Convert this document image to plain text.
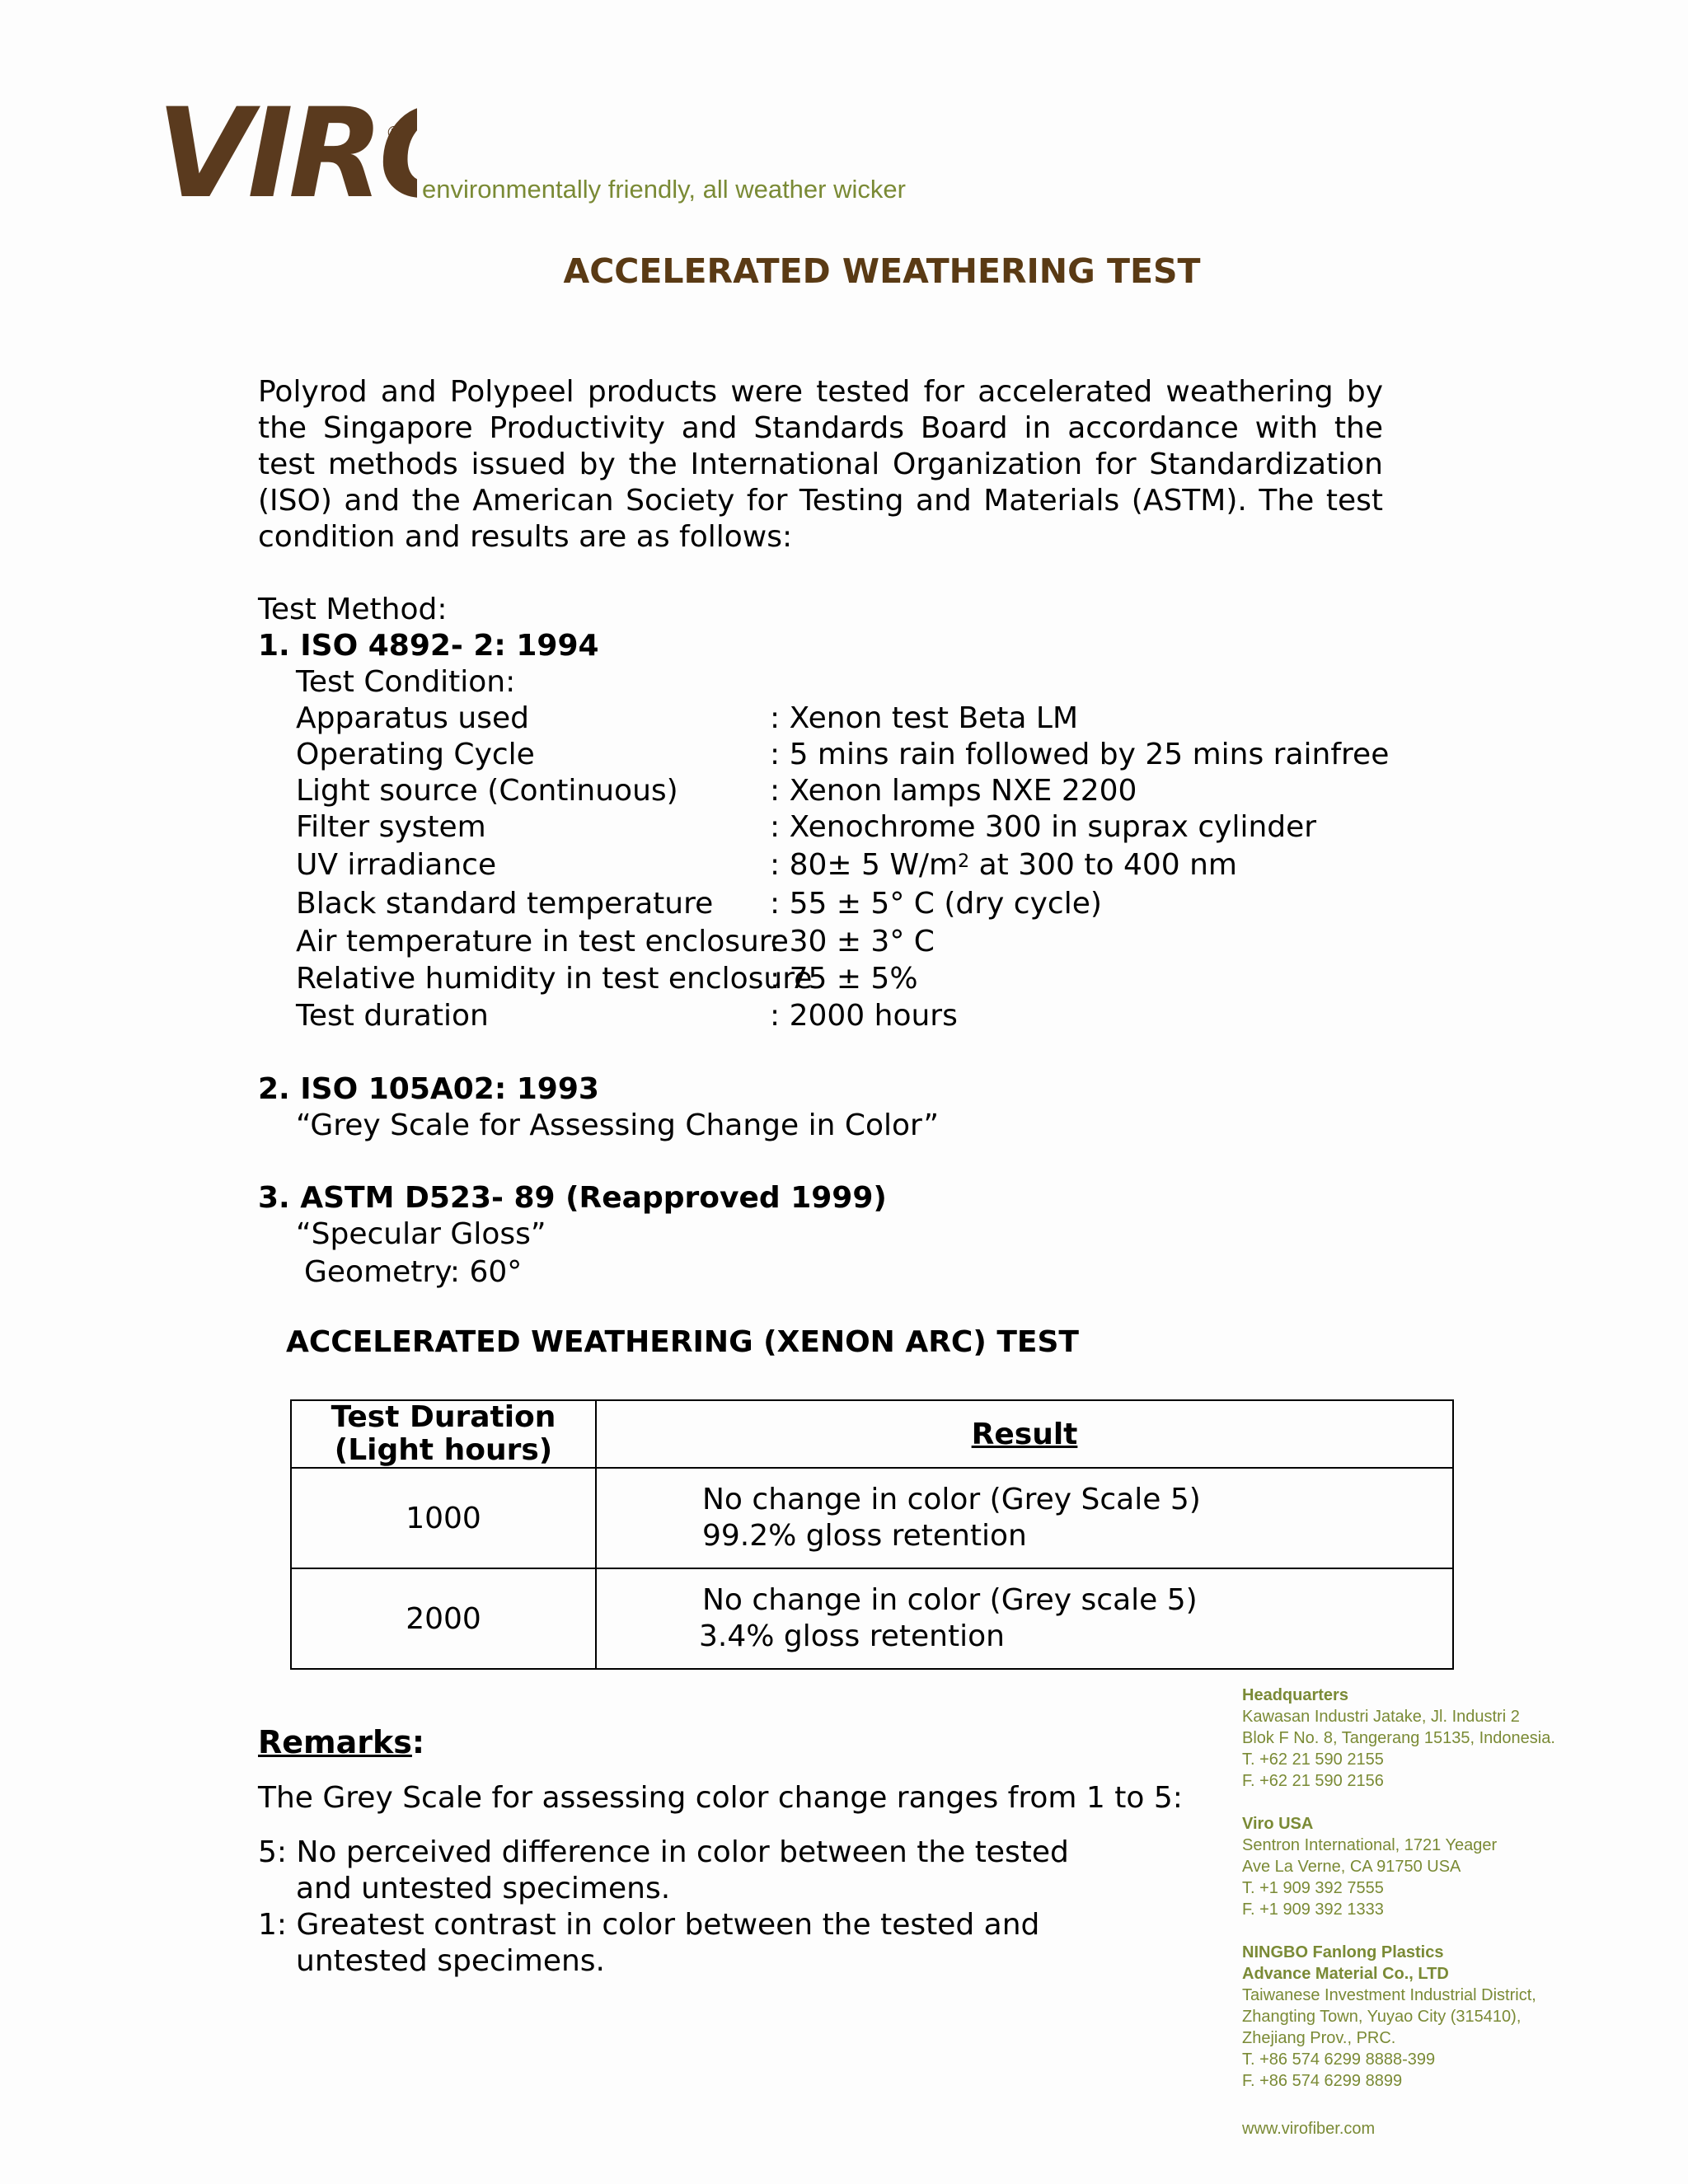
VIR ®
environmentally friendly, all weather wicker
ACCELERATED WEATHERING TEST

Polyrod and Polypeel products were tested for accelerated weathering by the Singapore Productivity and Standards Board in accordance with the test methods issued by the International Organization for Standardization (ISO) and the American Society for Testing and Materials (ASTM). The test condition and results are as follows:

Test Method:
1. ISO 4892- 2: 1994
Test Condition:
Apparatus used	: Xenon test Beta LM
Operating Cycle	: 5 mins rain followed by 25 mins rainfree
Light source (Continuous)	: Xenon lamps NXE 2200
Filter system	: Xenochrome 300 in suprax cylinder
UV irradiance	: 80± 5 $W/m^2$ at 300 to 400 nm
Black standard temperature : 55 ± 5° C (dry cycle)
Air temperature in test enclosure
: 30 ± 3° C
Relative humidity in test enclosure
: 75 ± 5%
Test duration	: 2000 hours
2. ISO 105A02: 1993
“Grey Scale for Assessing Change in Color”
3. ASTM D523- 89 (Reapproved 1999)
“Specular Gloss”
Geometry: 60°
ACCELERATED WEATHERING (XENON ARC) TEST
Test Duration
(Light hours)	Result
1000	No change in color (Grey Scale 5)
99.2% gloss retention

2000	No change in color (Grey scale 5)
3.4% gloss retention
Remarks:
The Grey Scale for assessing color change ranges from 1 to 5:
5: No perceived difference in color between the tested
and untested specimens.
1: Greatest contrast in color between the tested and
untested specimens.
Headquarters
Kawasan Industri Jatake, Jl. Industri 2
Blok F No. 8, Tangerang 15135, Indonesia.
T. +62 21 590 2155
F. +62 21 590 2156
Viro USA
Sentron International, 1721 Yeager
Ave La Verne, CA 91750 USA
T. +1 909 392 7555
F. +1 909 392 1333
NINGBO Fanlong Plastics
Advance Material Co., LTD
Taiwanese Investment Industrial District,
Zhangting Town, Yuyao City (315410),
Zhejiang Prov., PRC.
T. +86 574 6299 8888-399
F. +86 574 6299 8899
www.virofiber.com
